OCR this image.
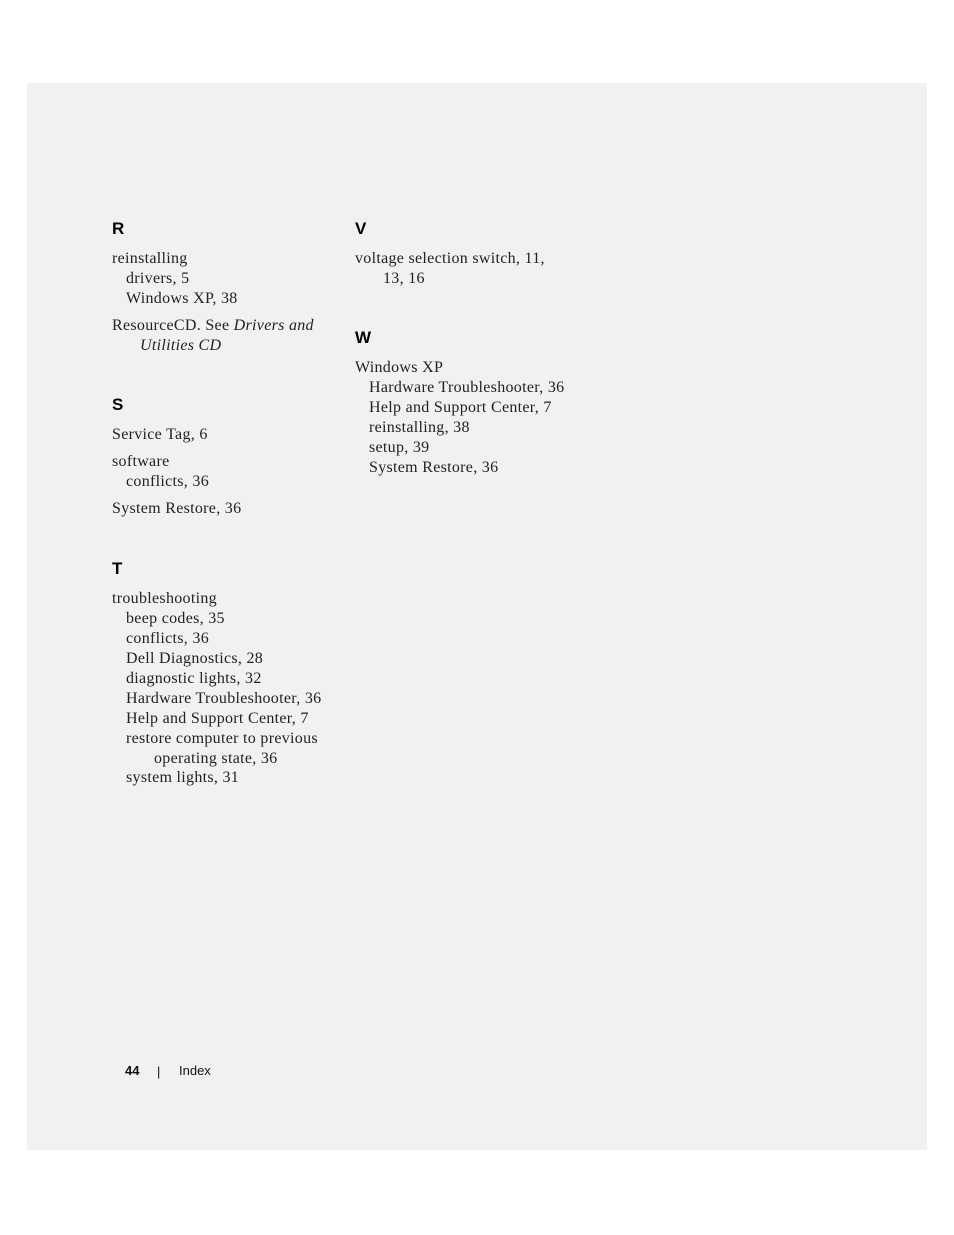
R

reinstalling

drivers, 5

Windows XP, 38

ResourceCD. See Drivers and

Utilities CD

S

Service Tag, 6

software

conflicts, 36

System Restore, 36

T

troubleshooting

beep codes, 35

conflicts, 36

Dell Diagnostics, 28

diagnostic lights, 32

Hardware Troubleshooter, 36

Help and Support Center, 7

restore computer to previous

operating state, 36

system lights, 31

V

voltage selection switch, 11,

13, 16

W

Windows XP

Hardware Troubleshooter, 36

Help and Support Center, 7

reinstalling, 38

setup, 39

System Restore, 36

44 | Index
